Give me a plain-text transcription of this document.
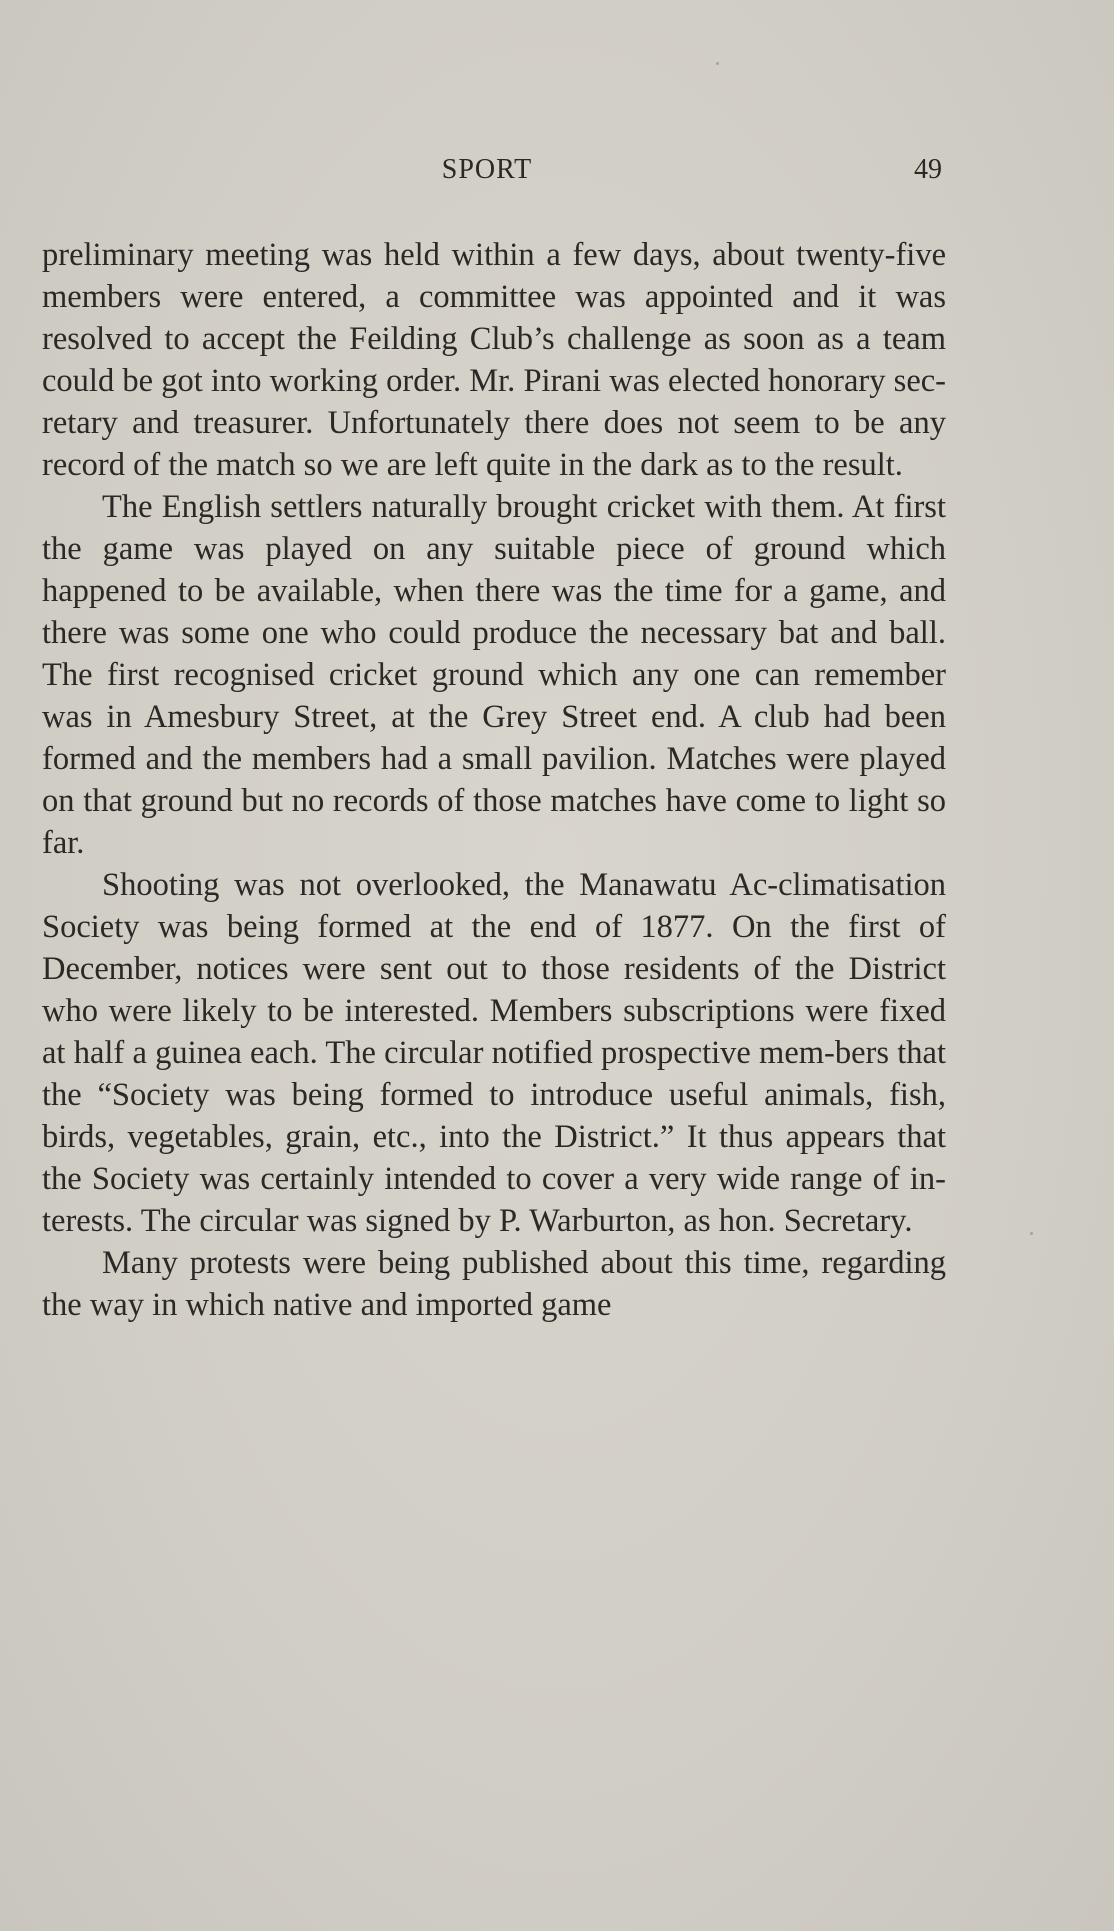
SPORT	49

preliminary meeting was held within a few days, about twenty-five members were entered, a committee was appointed and it was resolved to accept the Feilding Club’s challenge as soon as a team could be got into working order. Mr. Pirani was elected honorary sec-retary and treasurer. Unfortunately there does not seem to be any record of the match so we are left quite in the dark as to the result.

The English settlers naturally brought cricket with them. At first the game was played on any suitable piece of ground which happened to be available, when there was the time for a game, and there was some one who could produce the necessary bat and ball. The first recognised cricket ground which any one can remember was in Amesbury Street, at the Grey Street end. A club had been formed and the members had a small pavilion. Matches were played on that ground but no records of those matches have come to light so far.

Shooting was not overlooked, the Manawatu Ac-climatisation Society was being formed at the end of 1877. On the first of December, notices were sent out to those residents of the District who were likely to be interested. Members subscriptions were fixed at half a guinea each. The circular notified prospective mem-bers that the “Society was being formed to introduce useful animals, fish, birds, vegetables, grain, etc., into the District.” It thus appears that the Society was certainly intended to cover a very wide range of in-terests. The circular was signed by P. Warburton, as hon. Secretary.

Many protests were being published about this time, regarding the way in which native and imported game
